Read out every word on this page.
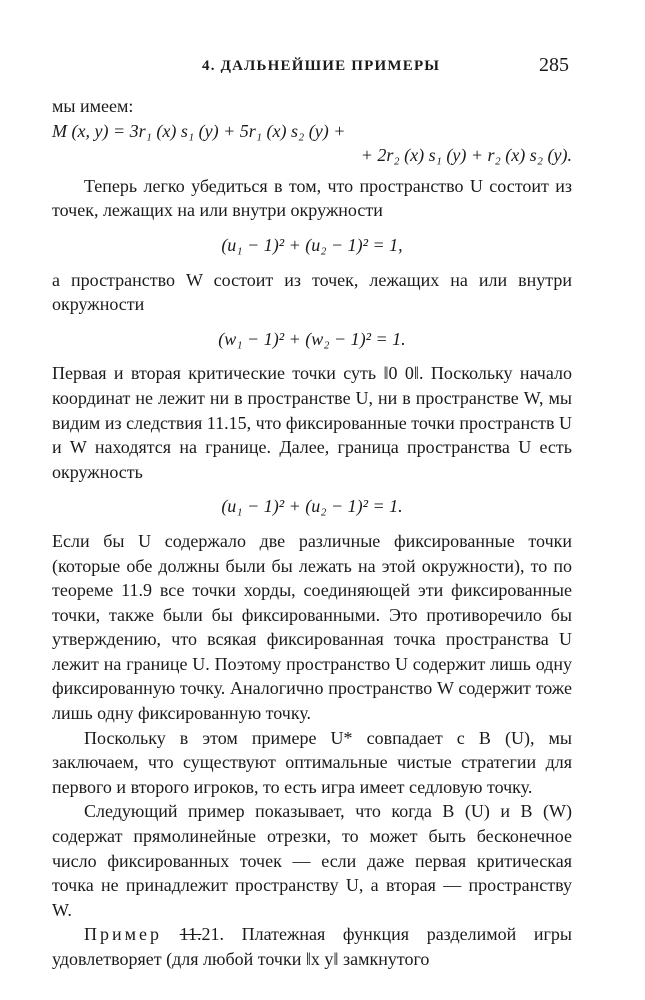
4. ДАЛЬНЕЙШИЕ ПРИМЕРЫ	285

мы имеем:

M (x, y) = 3r₁ (x) s₁ (y) + 5r₁ (x) s₂ (y) +

+ 2r₂ (x) s₁ (y) + r₂ (x) s₂ (y).

Теперь легко убедиться в том, что пространство U состоит из точек, лежащих на или внутри окружности

(u₁ − 1)² + (u₂ − 1)² = 1,

а пространство W состоит из точек, лежащих на или внутри окружности

(w₁ − 1)² + (w₂ − 1)² = 1.

Первая и вторая критические точки суть ‖0 0‖. Поскольку начало координат не лежит ни в пространстве U, ни в пространстве W, мы видим из следствия 11.15, что фиксированные точки пространств U и W находятся на границе. Далее, граница пространства U есть окружность

(u₁ − 1)² + (u₂ − 1)² = 1.

Если бы U содержало две различные фиксированные точки (которые обе должны были бы лежать на этой окружности), то по теореме 11.9 все точки хорды, соединяющей эти фиксированные точки, также были бы фиксированными. Это противоречило бы утверждению, что всякая фиксированная точка пространства U лежит на границе U. Поэтому пространство U содержит лишь одну фиксированную точку. Аналогично пространство W содержит тоже лишь одну фиксированную точку.

Поскольку в этом примере U* совпадает с B (U), мы заключаем, что существуют оптимальные чистые стратегии для первого и второго игроков, то есть игра имеет седловую точку.

Следующий пример показывает, что когда B (U) и B (W) содержат прямолинейные отрезки, то может быть бесконечное число фиксированных точек — если даже первая критическая точка не принадлежит пространству U, а вторая — пространству W.

Пример 11.21. Платежная функция разделимой игры удовлетворяет (для любой точки ‖x y‖ замкнутого
